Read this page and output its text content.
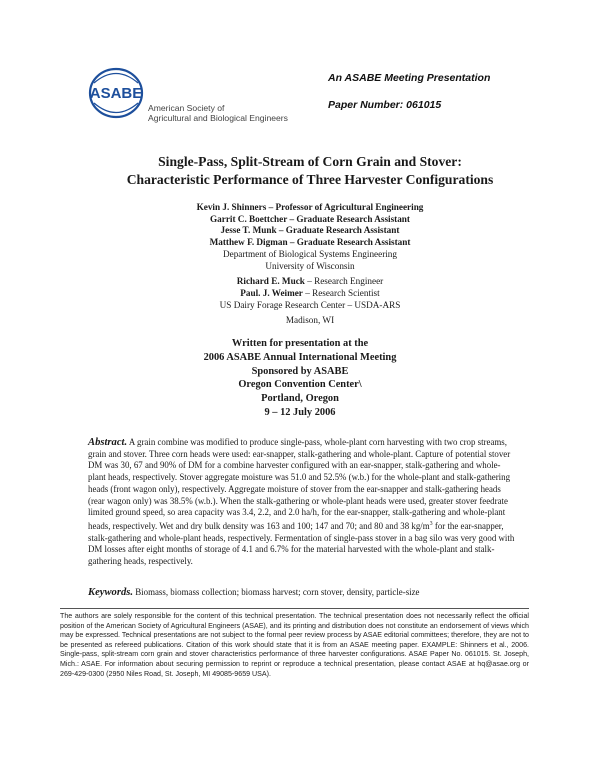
ASABE
American Society of
Agricultural and Biological Engineers
An ASABE Meeting Presentation
Paper Number: 061015
Single-Pass, Split-Stream of Corn Grain and Stover:
Characteristic Performance of Three Harvester Configurations
Kevin J. Shinners – Professor of Agricultural Engineering
Garrit C. Boettcher – Graduate Research Assistant
Jesse T. Munk – Graduate Research Assistant
Matthew F. Digman – Graduate Research Assistant
Department of Biological Systems Engineering
University of Wisconsin
Richard E. Muck – Research Engineer
Paul. J. Weimer – Research Scientist
US Dairy Forage Research Center – USDA-ARS
Madison, WI
Written for presentation at the
2006 ASABE Annual International Meeting
Sponsored by ASABE
Oregon Convention Center\
Portland, Oregon
9 – 12 July 2006
Abstract. A grain combine was modified to produce single-pass, whole-plant corn harvesting with two crop streams, grain and stover. Three corn heads were used: ear-snapper, stalk-gathering and whole-plant. Capture of potential stover DM was 30, 67 and 90% of DM for a combine harvester configured with an ear-snapper, stalk-gathering and whole-plant heads, respectively. Stover aggregate moisture was 51.0 and 52.5% (w.b.) for the whole-plant and stalk-gathering heads (front wagon only), respectively. Aggregate moisture of stover from the ear-snapper and stalk-gathering heads (rear wagon only) was 38.5% (w.b.). When the stalk-gathering or whole-plant heads were used, greater stover feedrate limited ground speed, so area capacity was 3.4, 2.2, and 2.0 ha/h, for the ear-snapper, stalk-gathering and whole-plant heads, respectively. Wet and dry bulk density was 163 and 100; 147 and 70; and 80 and 38 $kg/m^3$ for the ear-snapper, stalk-gathering and whole-plant heads, respectively. Fermentation of single-pass stover in a bag silo was very good with DM losses after eight months of storage of 4.1 and 6.7% for the material harvested with the whole-plant and stalk-gathering heads, respectively.
Keywords. Biomass, biomass collection; biomass harvest; corn stover, density, particle-size
The authors are solely responsible for the content of this technical presentation. The technical presentation does not necessarily reflect the official position of the American Society of Agricultural Engineers (ASAE), and its printing and distribution does not constitute an endorsement of views which may be expressed. Technical presentations are not subject to the formal peer review process by ASAE editorial committees; therefore, they are not to be presented as refereed publications. Citation of this work should state that it is from an ASAE meeting paper. EXAMPLE: Shinners et al., 2006. Single-pass, split-stream corn grain and stover characteristics performance of three harvester configurations. ASAE Paper No. 061015. St. Joseph, Mich.: ASAE. For information about securing permission to reprint or reproduce a technical presentation, please contact ASAE at hq@asae.org or 269-429-0300 (2950 Niles Road, St. Joseph, MI 49085-9659 USA).
